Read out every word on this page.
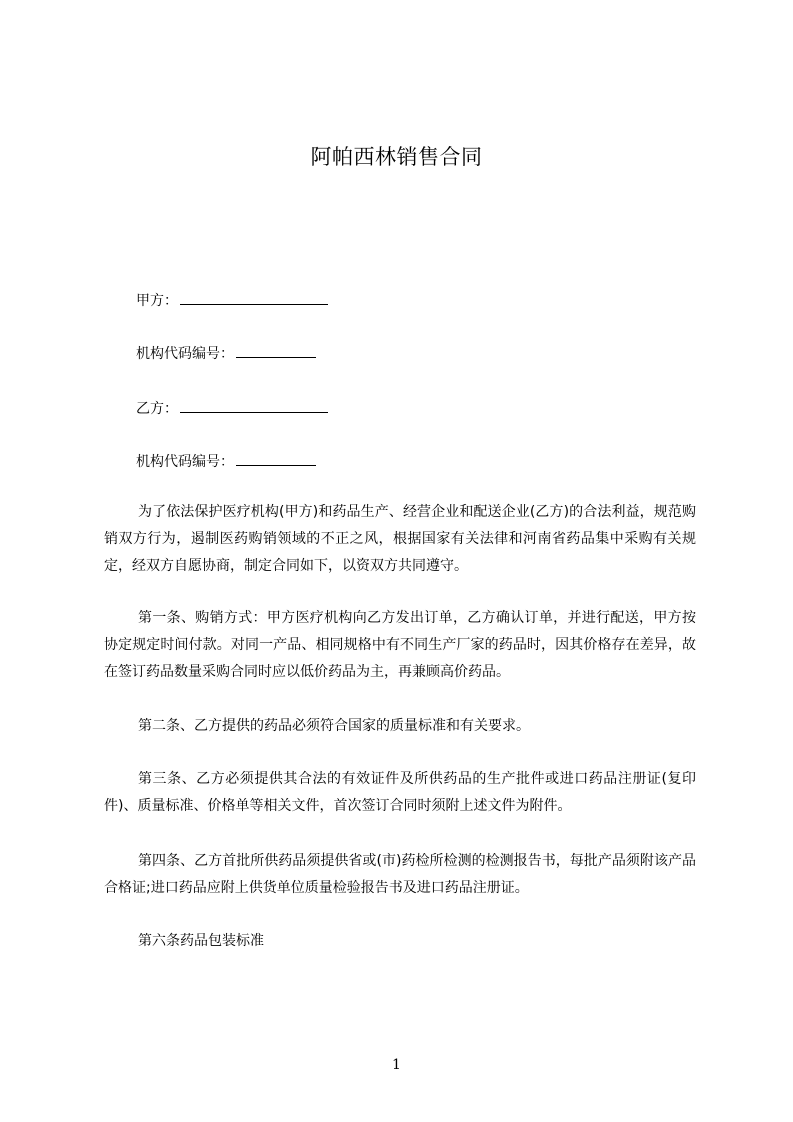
阿帕西林销售合同
甲方：
机构代码编号：
乙方：
机构代码编号：

为了依法保护医疗机构(甲方)和药品生产、经营企业和配送企业(乙方)的合法利益，规范购销双方行为，遏制医药购销领域的不正之风，根据国家有关法律和河南省药品集中采购有关规定，经双方自愿协商，制定合同如下，以资双方共同遵守。

第一条、购销方式：甲方医疗机构向乙方发出订单，乙方确认订单，并进行配送，甲方按协定规定时间付款。对同一产品、相同规格中有不同生产厂家的药品时，因其价格存在差异，故在签订药品数量采购合同时应以低价药品为主，再兼顾高价药品。

第二条、乙方提供的药品必须符合国家的质量标准和有关要求。

第三条、乙方必须提供其合法的有效证件及所供药品的生产批件或进口药品注册证(复印件)、质量标准、价格单等相关文件，首次签订合同时须附上述文件为附件。

第四条、乙方首批所供药品须提供省或(市)药检所检测的检测报告书，每批产品须附该产品合格证;进口药品应附上供货单位质量检验报告书及进口药品注册证。

第六条药品包装标准

1
